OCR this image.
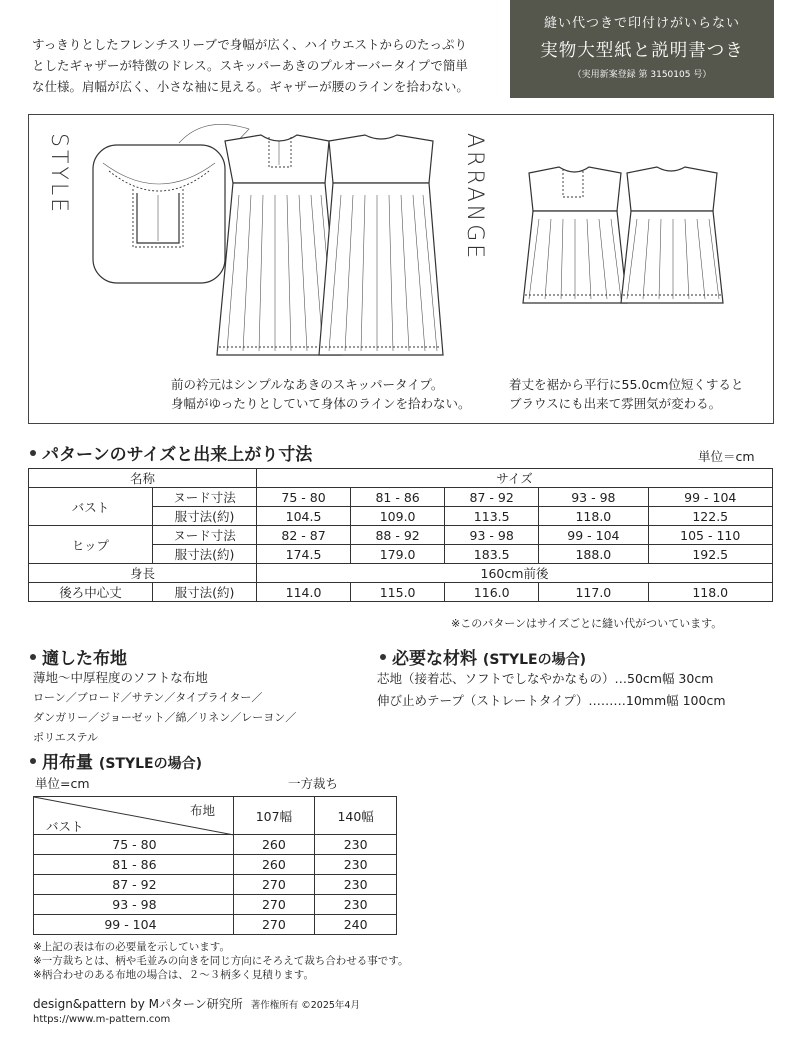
すっきりとしたフレンチスリーブで身幅が広く、ハイウエストからのたっぷり
としたギャザーが特徴のドレス。スキッパーあきのプルオーバータイプで簡単
な仕様。肩幅が広く、小さな袖に見える。ギャザーが腰のラインを拾わない。
縫い代つきで印付けがいらない
実物大型紙と説明書つき
（実用新案登録 第 3150105 号）
STYLE	ARRANGE
前の衿元はシンプルなあきのスキッパータイプ。
身幅がゆったりとしていて身体のラインを拾わない。
着丈を裾から平行に55.0cm位短くすると
ブラウスにも出来て雰囲気が変わる。
パターンのサイズと出来上がり寸法	単位＝cm
名称		サイズ				
バスト	ヌード寸法	75 - 80	81 - 86	87 - 92	93 - 98	99 - 104
	服寸法(約)	104.5	109.0	113.5	118.0	122.5
ヒップ	ヌード寸法	82 - 87	88 - 92	93 - 98	99 - 104	105 - 110
	服寸法(約)	174.5	179.0	183.5	188.0	192.5
身長		160cm前後				
後ろ中心丈	服寸法(約)	114.0	115.0	116.0	117.0	118.0
※このパターンはサイズごとに縫い代がついています。
適した布地
薄地〜中厚程度のソフトな布地
ローン／ブロード／サテン／タイプライター／
ダンガリー／ジョーゼット／綿／リネン／レーヨン／
ポリエステル
必要な材料 (STYLEの場合)
芯地（接着芯、ソフトでしなやかなもの）…50cm幅 30cm
伸び止めテープ（ストレートタイプ）………10mm幅 100cm
用布量 (STYLEの場合)
単位=cm	一方裁ち
布地
バスト	107幅	140幅
75 - 80	260	230
81 - 86	260	230
87 - 92	270	230
93 - 98	270	230
99 - 104	270	240
※上記の表は布の必要量を示しています。
※一方裁ちとは、柄や毛並みの向きを同じ方向にそろえて裁ち合わせる事です。
※柄合わせのある布地の場合は、２〜３柄多く見積ります。
design&pattern by Mパターン研究所 著作権所有 ©2025年4月
https://www.m-pattern.com
